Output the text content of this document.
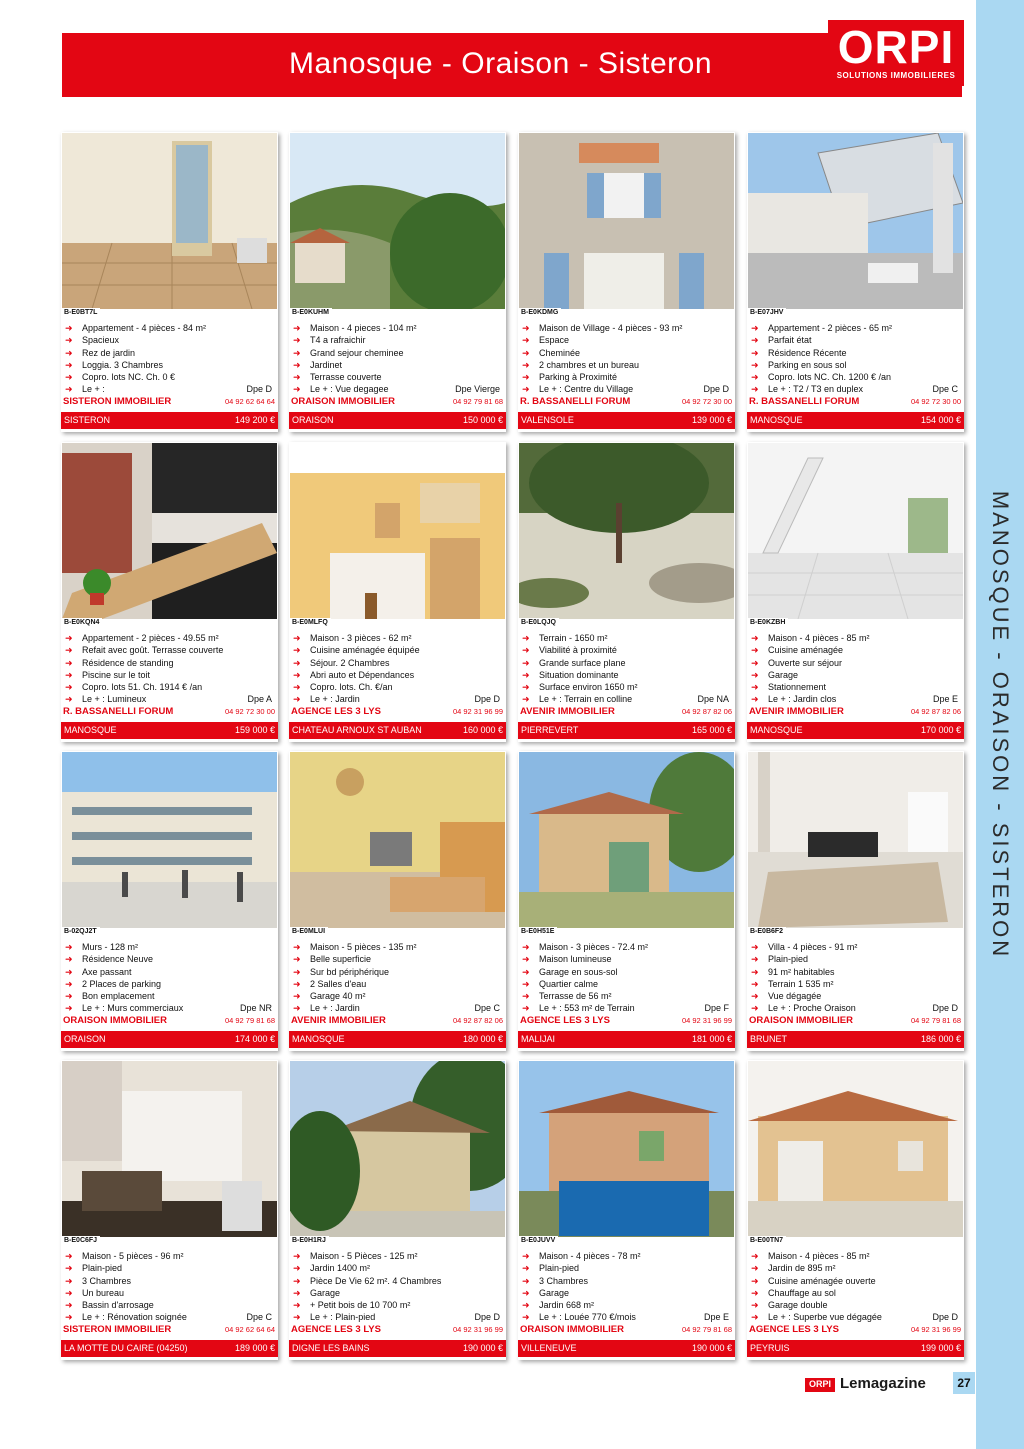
MANOSQUE - ORAISON - SISTERON
Manosque - Oraison - Sisteron	ORPI
SOLUTIONS IMMOBILIERES
B-E0BT7L
➜ Appartement - 4 pièces - 84 m²
➜ Spacieux
➜ Rez de jardin
➜ Loggia. 3 Chambres
➜ Copro. lots NC. Ch. 0 €
➜ Le + :	Dpe D
SISTERON IMMOBILIER	04 92 62 64 64
SISTERON	149 200 €
B-E0KUHM
➜ Maison - 4 pieces - 104 m²
➜ T4 a rafraichir
➜ Grand sejour cheminee
➜ Jardinet
➜ Terrasse couverte
➜ Le + : Vue degagee	Dpe Vierge
ORAISON IMMOBILIER	04 92 79 81 68
ORAISON	150 000 €
B-E0KDMG
➜ Maison de Village - 4 pièces - 93 m²
➜ Espace
➜ Cheminée
➜ 2 chambres et un bureau
➜ Parking à Proximité
➜ Le + : Centre du Village	Dpe D
R. BASSANELLI FORUM	04 92 72 30 00
VALENSOLE	139 000 €
B-E07JHV
➜ Appartement - 2 pièces - 65 m²
➜ Parfait état
➜ Résidence Récente
➜ Parking en sous sol
➜ Copro. lots NC. Ch. 1200 € /an
➜ Le + : T2 / T3 en duplex	Dpe C
R. BASSANELLI FORUM	04 92 72 30 00
MANOSQUE	154 000 €
B-E0KQN4
➜ Appartement - 2 pièces - 49.55 m²
➜ Refait avec goût. Terrasse couverte
➜ Résidence de standing
➜ Piscine sur le toit
➜ Copro. lots 51. Ch. 1914 € /an
➜ Le + : Lumineux	Dpe A
R. BASSANELLI FORUM	04 92 72 30 00
MANOSQUE	159 000 €
B-E0MLFQ
➜ Maison - 3 pièces - 62 m²
➜ Cuisine aménagée équipée
➜ Séjour. 2 Chambres
➜ Abri auto et Dépendances
➜ Copro. lots. Ch. €/an
➜ Le + : Jardin	Dpe D
AGENCE LES 3 LYS	04 92 31 96 99
CHATEAU ARNOUX ST AUBAN	160 000 €
B-E0LQJQ
➜ Terrain - 1650 m²
➜ Viabilité à proximité
➜ Grande surface plane
➜ Situation dominante
➜ Surface environ 1650 m²
➜ Le + : Terrain en colline	Dpe NA
AVENIR IMMOBILIER	04 92 87 82 06
PIERREVERT	165 000 €
B-E0KZBH
➜ Maison - 4 pièces - 85 m²
➜ Cuisine aménagée
➜ Ouverte sur séjour
➜ Garage
➜ Stationnement
➜ Le + : Jardin clos	Dpe E
AVENIR IMMOBILIER	04 92 87 82 06
MANOSQUE	170 000 €
B-02QJ2T
➜ Murs - 128 m²
➜ Résidence Neuve
➜ Axe passant
➜ 2 Places de parking
➜ Bon emplacement
➜ Le + : Murs commerciaux	Dpe NR
ORAISON IMMOBILIER	04 92 79 81 68
ORAISON	174 000 €
B-E0MLUI
➜ Maison - 5 pièces - 135 m²
➜ Belle superficie
➜ Sur bd périphérique
➜ 2 Salles d'eau
➜ Garage 40 m²
➜ Le + : Jardin	Dpe C
AVENIR IMMOBILIER	04 92 87 82 06
MANOSQUE	180 000 €
B-E0H51E
➜ Maison - 3 pièces - 72.4 m²
➜ Maison lumineuse
➜ Garage en sous-sol
➜ Quartier calme
➜ Terrasse de 56 m²
➜ Le + : 553 m² de Terrain	Dpe F
AGENCE LES 3 LYS	04 92 31 96 99
MALIJAI	181 000 €
B-E0B6F2
➜ Villa - 4 pièces - 91 m²
➜ Plain-pied
➜ 91 m² habitables
➜ Terrain 1 535 m²
➜ Vue dégagée
➜ Le + : Proche Oraison	Dpe D
ORAISON IMMOBILIER	04 92 79 81 68
BRUNET	186 000 €
B-E0C6FJ
➜ Maison - 5 pièces - 96 m²
➜ Plain-pied
➜ 3 Chambres
➜ Un bureau
➜ Bassin d'arrosage
➜ Le + : Rénovation soignée	Dpe C
SISTERON IMMOBILIER	04 92 62 64 64
LA MOTTE DU CAIRE (04250)	189 000 €
B-E0H1RJ
➜ Maison - 5 Pièces - 125 m²
➜ Jardin 1400 m²
➜ Pièce De Vie 62 m². 4 Chambres
➜ Garage
➜ + Petit bois de 10 700 m²
➜ Le + : Plain-pied	Dpe D
AGENCE LES 3 LYS	04 92 31 96 99
DIGNE LES BAINS	190 000 €
B-E0JUVV
➜ Maison - 4 pièces - 78 m²
➜ Plain-pied
➜ 3 Chambres
➜ Garage
➜ Jardin 668 m²
➜ Le + : Louée 770 €/mois	Dpe E
ORAISON IMMOBILIER	04 92 79 81 68
VILLENEUVE	190 000 €
B-E00TN7
➜ Maison - 4 pièces - 85 m²
➜ Jardin de 895 m²
➜ Cuisine aménagée ouverte
➜ Chauffage au sol
➜ Garage double
➜ Le + : Superbe vue dégagée	Dpe D
AGENCE LES 3 LYS	04 92 31 96 99
PEYRUIS	199 000 €
ORPI Lemagazine	27
